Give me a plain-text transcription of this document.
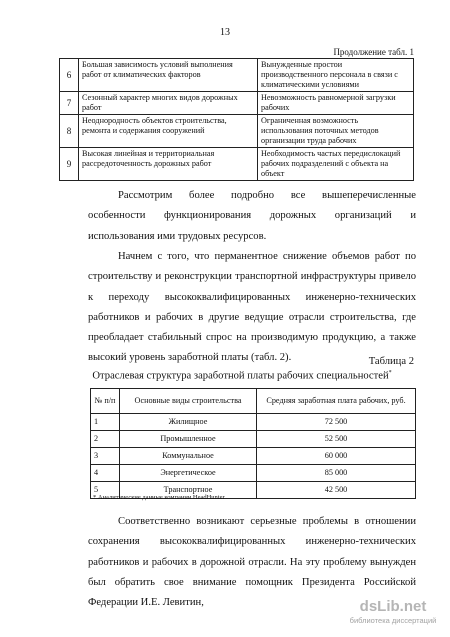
13
Продолжение табл. 1
6	Большая зависимость условий выполнения работ от климатических факторов	Вынужденные простои производственного персонала в связи с климатическими условиями
7	Сезонный характер многих видов дорожных работ	Невозможность равномерной загрузки рабочих
8	Неоднородность объектов строительства, ремонта и содержания сооружений	Ограниченная возможность использования поточных методов организации труда рабочих
9	Высокая линейная и территориальная рассредоточенность дорожных работ	Необходимость частых передислокаций рабочих подразделений с объекта на объект

Рассмотрим более подробно все вышеперечисленные особенности функционирования дорожных организаций и использования ими трудовых ресурсов.

Начнем с того, что перманентное снижение объемов работ по строительству и реконструкции транспортной инфраструктуры привело к переходу высококвалифицированных инженерно-технических работников и рабочих в другие ведущие отрасли строительства, где преобладает стабильный спрос на производимую продукцию, а также высокий уровень заработной платы (табл. 2).	Таблица 2
Отраслевая структура заработной платы рабочих специальностей*
№ п/п	Основные виды строительства	Средняя заработная плата рабочих, руб.
1	Жилищное	72 500
2	Промышленное	52 500
3	Коммунальное	60 000
4	Энергетическое	85 000
5	Транспортное	42 500
* Аналитические данные компании HeadHunter

Соответственно возникают серьезные проблемы в отношении сохранения высококвалифицированных инженерно-технических работников и рабочих в дорожной отрасли. На эту проблему вынужден был обратить свое внимание помощник Президента Российской Федерации И.Е. Левитин,	dsLib.net
библиотека диссертаций
